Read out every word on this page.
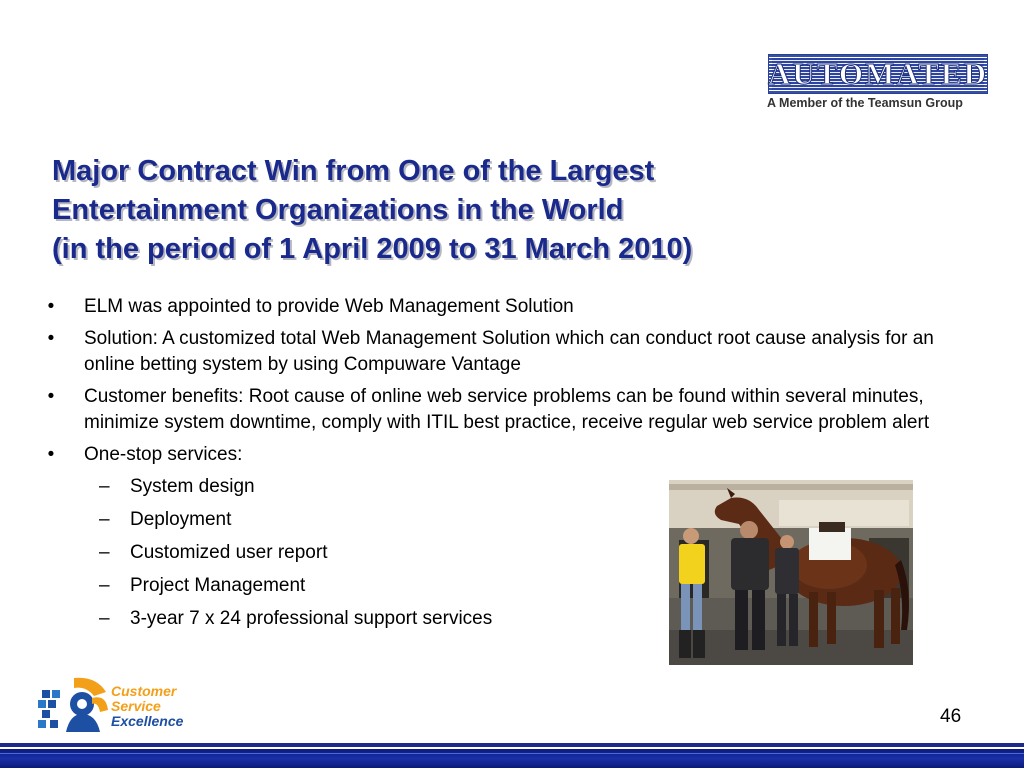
AUTOMATED
A Member of the Teamsun Group
Major Contract Win from One of the Largest
Entertainment Organizations in the World
(in the period of 1 April 2009 to 31 March 2010)
• ELM was appointed to provide Web Management Solution
• Solution: A customized total Web Management Solution which can conduct root cause analysis for an online betting system by using Compuware Vantage
• Customer benefits: Root cause of online web service problems can be found within several minutes, minimize system downtime, comply with ITIL best practice, receive regular web service problem alert
• One-stop services:
– System design
– Deployment
– Customized user report
– Project Management
– 3-year 7 x 24 professional support services
Customer
Service
Excellence	46
